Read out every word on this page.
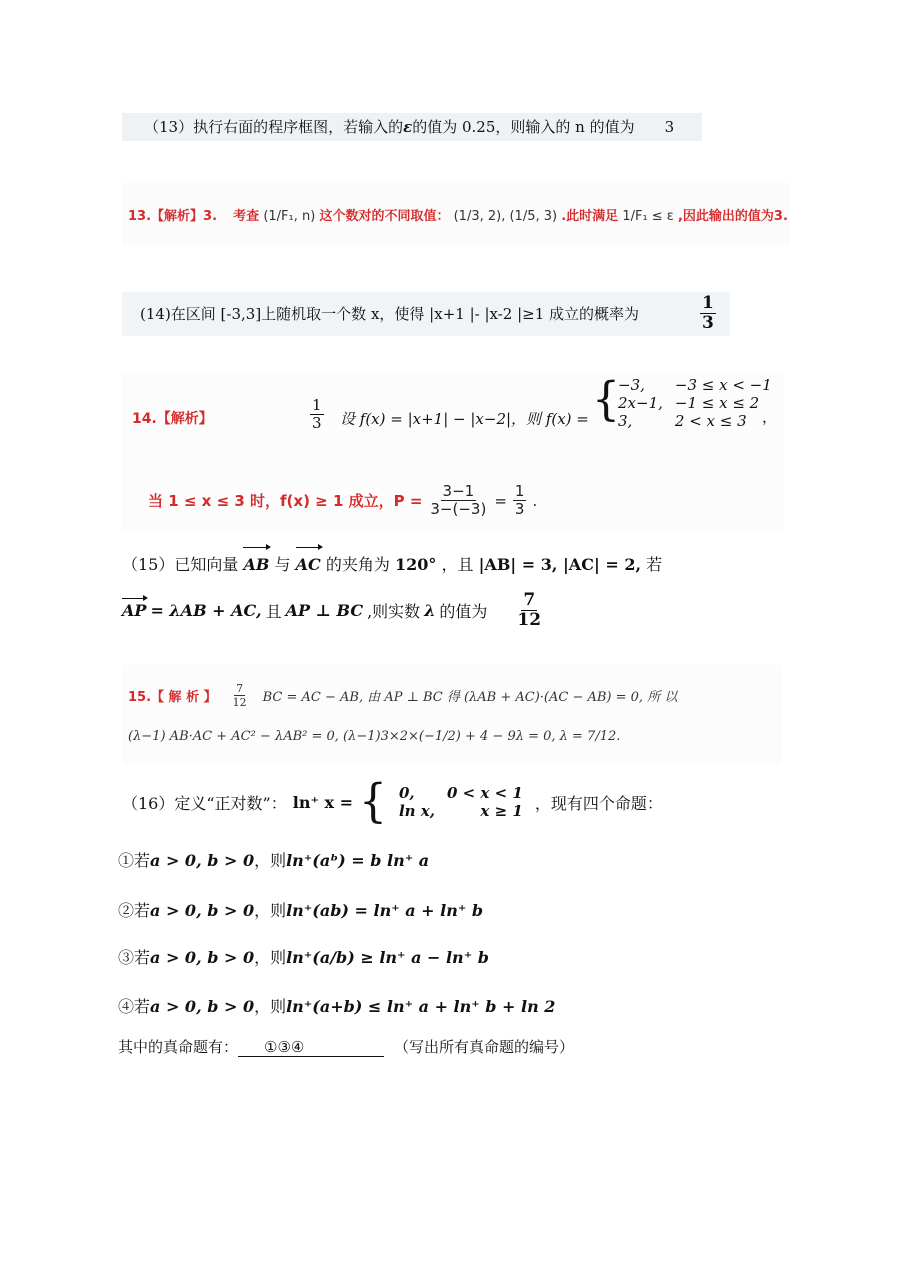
（13）执行右面的程序框图，若输入的ε的值为 0.25，则输入的 n 的值为 3
13.【解析】3. 考查 (1/F₁, n) 这个数对的不同取值： (1/3, 2), (1/5, 3) .此时满足 1/F₁ ≤ ε ,因此输出的值为3.
(14)在区间 [-3,3]上随机取一个数 x，使得 |x+1 |- |x-2 |≥1 成立的概率为	$\frac{1}{3}$
14.【解析】	$\frac{1}{3}$ 设 f(x) = |x+1| − |x−2|，则 f(x) = {
−3,	−3 ≤ x < −1
2x−1,	−1 ≤ x ≤ 2
3,	2 < x ≤ 3 ，
当 1 ≤ x ≤ 3 时，f(x) ≥ 1 成立，$P = \frac{3-1}{3-(-3)} = \frac{1}{3}$ .
（15）已知向量 AB 与 AC 的夹角为 120° ，且 |AB| = 3, |AC| = 2, 若
AP = λAB + AC, 且 AP ⊥ BC ,则实数 λ 的值为 $\frac{7}{12}$
15.【 解 析 】 $\frac{7}{12}$ BC = AC − AB, 由 AP ⊥ BC 得 (λAB + AC)·(AC − AB) = 0, 所 以
(λ−1) AB·AC + AC² − λAB² = 0, (λ−1)3×2×(−1/2) + 4 − 9λ = 0, λ = 7/12.
（16）定义“正对数”： ln⁺ x = { 0,	0 < x < 1
ln x,	x ≥ 1 ，现有四个命题：
①若a > 0, b > 0，则ln⁺(aᵇ) = b ln⁺ a
②若a > 0, b > 0，则ln⁺(ab) = ln⁺ a + ln⁺ b
③若a > 0, b > 0，则ln⁺(a/b) ≥ ln⁺ a − ln⁺ b
④若a > 0, b > 0，则ln⁺(a+b) ≤ ln⁺ a + ln⁺ b + ln 2
其中的真命题有： ①③④	（写出所有真命题的编号）
